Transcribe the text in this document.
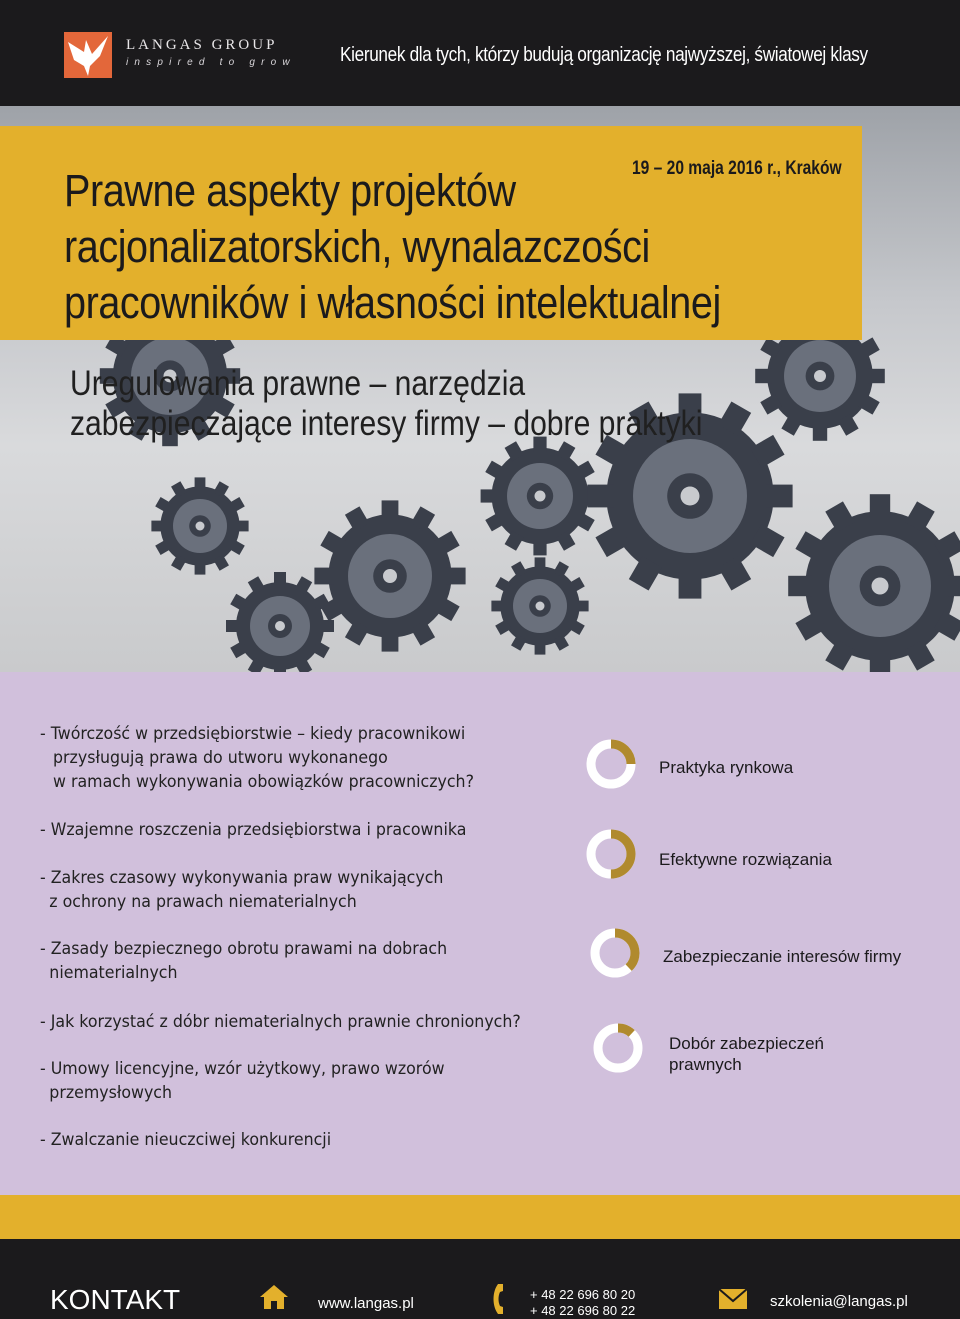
LANGAS GROUP
inspired to grow Kierunek dla tych, którzy budują organizację najwyższej, światowej klasy
19 – 20 maja 2016 r., Kraków
Prawne aspekty projektów
racjonalizatorskich, wynalazczości
pracowników i własności intelektualnej
Uregulowania prawne – narzędzia
zabezpieczające interesy firmy – dobre praktyki
- Twórczość w przedsiębiorstwie – kiedy pracownikowi
przysługują prawa do utworu wykonanego
w ramach wykonywania obowiązków pracowniczych?
- Wzajemne roszczenia przedsiębiorstwa i pracownika
- Zakres czasowy wykonywania praw wynikających
z ochrony na prawach niematerialnych
- Zasady bezpiecznego obrotu prawami na dobrach
niematerialnych
- Jak korzystać z dóbr niematerialnych prawnie chronionych?
- Umowy licencyjne, wzór użytkowy, prawo wzorów
przemysłowych
- Zwalczanie nieuczciwej konkurencji
Praktyka rynkowa
Efektywne rozwiązania
Zabezpieczanie interesów firmy
Dobór zabezpieczeń prawnych
KONTAKT	www.langas.pl
+ 48 22 696 80 20
+ 48 22 696 80 22
szkolenia@langas.pl
